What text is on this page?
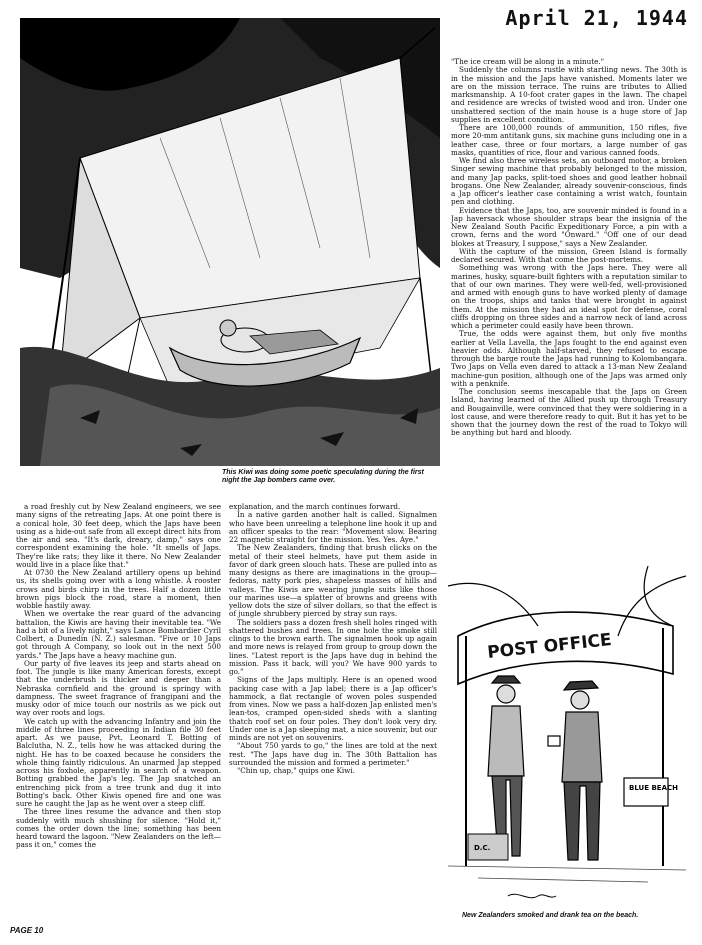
April 21, 1944
This Kiwi was doing some poetic speculating during the first night the Jap bombers came over.

a road freshly cut by New Zealand engineers, we see many signs of the retreating Japs. At one point there is a conical hole, 30 feet deep, which the Japs have been using as a hide-out safe from all except direct hits from the air and sea. "It's dark, dreary, damp," says one correspondent examining the hole. "It smells of Japs. They're like rats; they like it there. No New Zealander would live in a place like that."

At 0730 the New Zealand artillery opens up behind us, its shells going over with a long whistle. A rooster crows and birds chirp in the trees. Half a dozen little brown pigs block the road, stare a moment, then wobble hastily away.

When we overtake the rear guard of the advancing battalion, the Kiwis are having their inevitable tea. "We had a bit of a lively night," says Lance Bombardier Cyril Colbert, a Dunedin (N. Z.) salesman. "Five or 10 Japs got through A Company, so look out in the next 500 yards." The Japs have a heavy machine gun.

Our party of five leaves its jeep and starts ahead on foot. The jungle is like many American forests, except that the underbrush is thicker and deeper than a Nebraska cornfield and the ground is springy with dampness. The sweet fragrance of frangipani and the musky odor of mice touch our nostrils as we pick out way over roots and logs.

We catch up with the advancing Infantry and join the middle of three lines proceeding in Indian file 30 feet apart. As we pause, Pvt. Leonard T. Botting of Balclutha, N. Z., tells how he was attacked during the night. He has to be coaxed because he considers the whole thing faintly ridiculous. An unarmed Jap stepped across his foxhole, apparently in search of a weapon. Botting grabbed the Jap's leg. The Jap snatched an entrenching pick from a tree trunk and dug it into Botting's back. Other Kiwis opened fire and one was sure he caught the Jap as he went over a steep cliff.

The three lines resume the advance and then stop suddenly with much shushing for silence. "Hold it," comes the order down the line; something has been heard toward the lagoon. "New Zealanders on the left—pass it on," comes the

explanation, and the march continues forward.

In a native garden another halt is called. Signalmen who have been unreeling a telephone line hook it up and an officer speaks to the rear: "Movement slow. Bearing 22 magnetic straight for the mission. Yes. Yes. Aye."

The New Zealanders, finding that brush clicks on the metal of their steel helmets, have put them aside in favor of dark green slouch hats. These are pulled into as many designs as there are imaginations in the group—fedoras, natty pork pies, shapeless masses of hills and valleys. The Kiwis are wearing jungle suits like those our marines use—a splatter of browns and greens with yellow dots the size of silver dollars, so that the effect is of jungle shrubbery pierced by stray sun rays.

The soldiers pass a dozen fresh shell holes ringed with shattered bushes and trees. In one hole the smoke still clings to the brown earth. The signalmen hook up again and more news is relayed from group to group down the lines. "Latest report is the Japs have dug in behind the mission. Pass it back, will you? We have 900 yards to go."

Signs of the Japs multiply. Here is an opened wood packing case with a Jap label; there is a Jap officer's hammock, a flat rectangle of woven poles suspended from vines. Now we pass a half-dozen Jap enlisted men's lean-tos, cramped open-sided sheds with a slanting thatch roof set on four poles. They don't look very dry. Under one is a Jap sleeping mat, a nice souvenir, but our minds are not yet on souvenirs.

"About 750 yards to go," the lines are told at the next rest. "The Japs have dug in. The 30th Battalion has surrounded the mission and formed a perimeter."

"Chin up, chap," quips one Kiwi.

"The ice cream will be along in a minute."

Suddenly the columns rustle with startling news. The 30th is in the mission and the Japs have vanished. Moments later we are on the mission terrace. The ruins are tributes to Allied marksmanship. A 10-foot crater gapes in the lawn. The chapel and residence are wrecks of twisted wood and iron. Under one unshattered section of the main house is a huge store of Jap supplies in excellent condition.

There are 100,000 rounds of ammunition, 150 rifles, five more 20-mm antitank guns, six machine guns including one in a leather case, three or four mortars, a large number of gas masks, quantities of rice, flour and various canned foods.

We find also three wireless sets, an outboard motor, a broken Singer sewing machine that probably belonged to the mission, and many Jap packs, split-toed shoes and good leather hobnail brogans. One New Zealander, already souvenir-conscious, finds a Jap officer's leather case containing a wrist watch, fountain pen and clothing.

Evidence that the Japs, too, are souvenir minded is found in a Jap haversack whose shoulder straps bear the insignia of the New Zealand South Pacific Expeditionary Force, a pin with a crown, ferns and the word "Onward." "Off one of our dead blokes at Treasury, I suppose," says a New Zealander.

With the capture of the mission, Green Island is formally declared secured. With that come the post-mortems.

Something was wrong with the Japs here. They were all marines, husky, square-built fighters with a reputation similar to that of our own marines. They were well-fed, well-provisioned and armed with enough guns to have worked plenty of damage on the troops, ships and tanks that were brought in against them. At the mission they had an ideal spot for defense, coral cliffs dropping on three sides and a narrow neck of land across which a perimeter could easily have been thrown.

True, the odds were against them, but only five months earlier at Vella Lavella, the Japs fought to the end against even heavier odds. Although half-starved, they refused to escape through the barge route the Japs had running to Kolombangara. Two Japs on Vella even dared to attack a 13-man New Zealand machine-gun position, although one of the Japs was armed only with a penknife.

The conclusion seems inescapable that the Japs on Green Island, having learned of the Allied push up through Treasury and Bougainville, were convinced that they were soldiering in a lost cause, and were therefore ready to quit. But it has yet to be shown that the journey down the rest of the road to Tokyo will be anything but hard and bloody.

POST OFFICE
BLUE BEACH
D.C.
New Zealanders smoked and drank tea on the beach.
PAGE 10
